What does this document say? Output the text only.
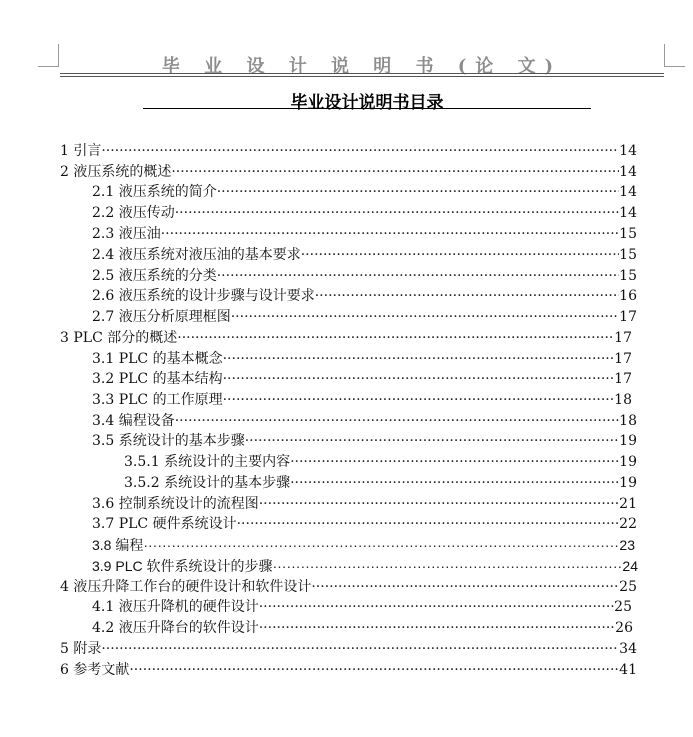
毕 业 设 计 说 明 书 (论 文)
毕业设计说明书目录
1 引言 ·····	14
2 液压系统的概述 ·····	14
2.1 液压系统的简介 ·····	14
2.2 液压传动 ·····	14
2.3 液压油 ·····	15
2.4 液压系统对液压油的基本要求 ·····	15
2.5 液压系统的分类 ·····	15
2.6 液压系统的设计步骤与设计要求 ·····	16
2.7 液压分析原理框图 ·····	17
3 PLC 部分的概述 ·····	17
3.1 PLC 的基本概念 ·····	17
3.2 PLC 的基本结构 ·····	17
3.3 PLC 的工作原理 ·····	18
3.4 编程设备 ·····	18
3.5 系统设计的基本步骤 ·····	19
3.5.1 系统设计的主要内容 ·····	19
3.5.2 系统设计的基本步骤 ·····	19
3.6 控制系统设计的流程图 ·····	21
3.7 PLC 硬件系统设计 ·····	22
3.8 编程 ·····	23
3.9 PLC 软件系统设计的步骤 ·····	24
4 液压升降工作台的硬件设计和软件设计 ·····	25
4.1 液压升降机的硬件设计 ·····	25
4.2 液压升降台的软件设计 ·····	26
5 附录 ·····	34
6 参考文献 ·····	41
